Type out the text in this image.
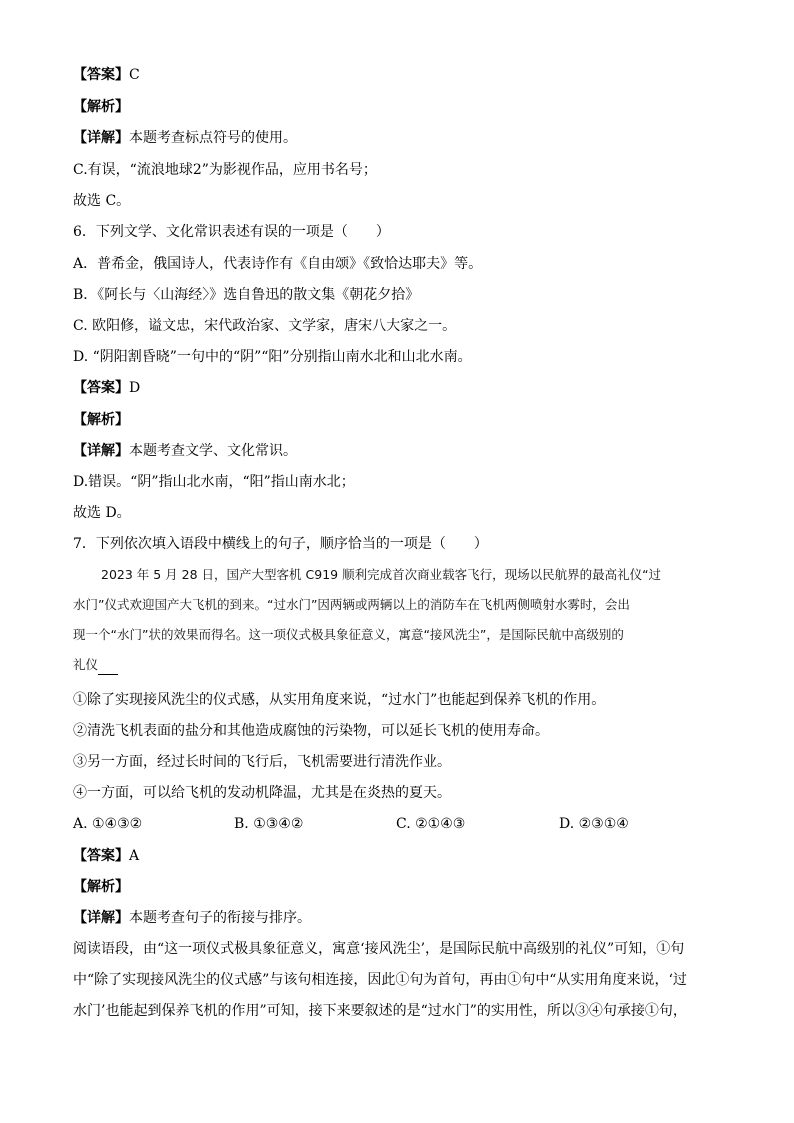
【答案】C
【解析】
【详解】本题考查标点符号的使用。
C.有误，“流浪地球2”为影视作品，应用书名号；
故选 C。
6．下列文学、文化常识表述有误的一项是（　　）
A．普希金，俄国诗人，代表诗作有《自由颂》《致恰达耶夫》等。
B．《阿长与〈山海经〉》选自鲁迅的散文集《朝花夕拾》
C. 欧阳修，谥文忠，宋代政治家、文学家，唐宋八大家之一。
D. “阴阳割昏晓”一句中的“阴”“阳”分别指山南水北和山北水南。
【答案】D
【解析】
【详解】本题考查文学、文化常识。
D.错误。“阴”指山北水南，“阳”指山南水北；
故选 D。
7．下列依次填入语段中横线上的句子，顺序恰当的一项是（　　）
2023 年 5 月 28 日，国产大型客机 C919 顺利完成首次商业载客飞行，现场以民航界的最高礼仪“过
水门”仪式欢迎国产大飞机的到来。“过水门”因两辆或两辆以上的消防车在飞机两侧喷射水雾时，会出
现一个“水门”状的效果而得名。这一项仪式极具象征意义，寓意“接风洗尘”，是国际民航中高级别的
礼仪
①除了实现接风洗尘的仪式感，从实用角度来说，“过水门”也能起到保养飞机的作用。
②清洗飞机表面的盐分和其他造成腐蚀的污染物，可以延长飞机的使用寿命。
③另一方面，经过长时间的飞行后，飞机需要进行清洗作业。
④一方面，可以给飞机的发动机降温，尤其是在炎热的夏天。
A. ①④③②	B. ①③④②	C. ②①④③	D. ②③①④
【答案】A
【解析】
【详解】本题考查句子的衔接与排序。
阅读语段，由“这一项仪式极具象征意义，寓意‘接风洗尘’，是国际民航中高级别的礼仪”可知，①句
中“除了实现接风洗尘的仪式感”与该句相连接，因此①句为首句，再由①句中“从实用角度来说，‘过
水门’也能起到保养飞机的作用”可知，接下来要叙述的是“过水门”的实用性，所以③④句承接①句，
